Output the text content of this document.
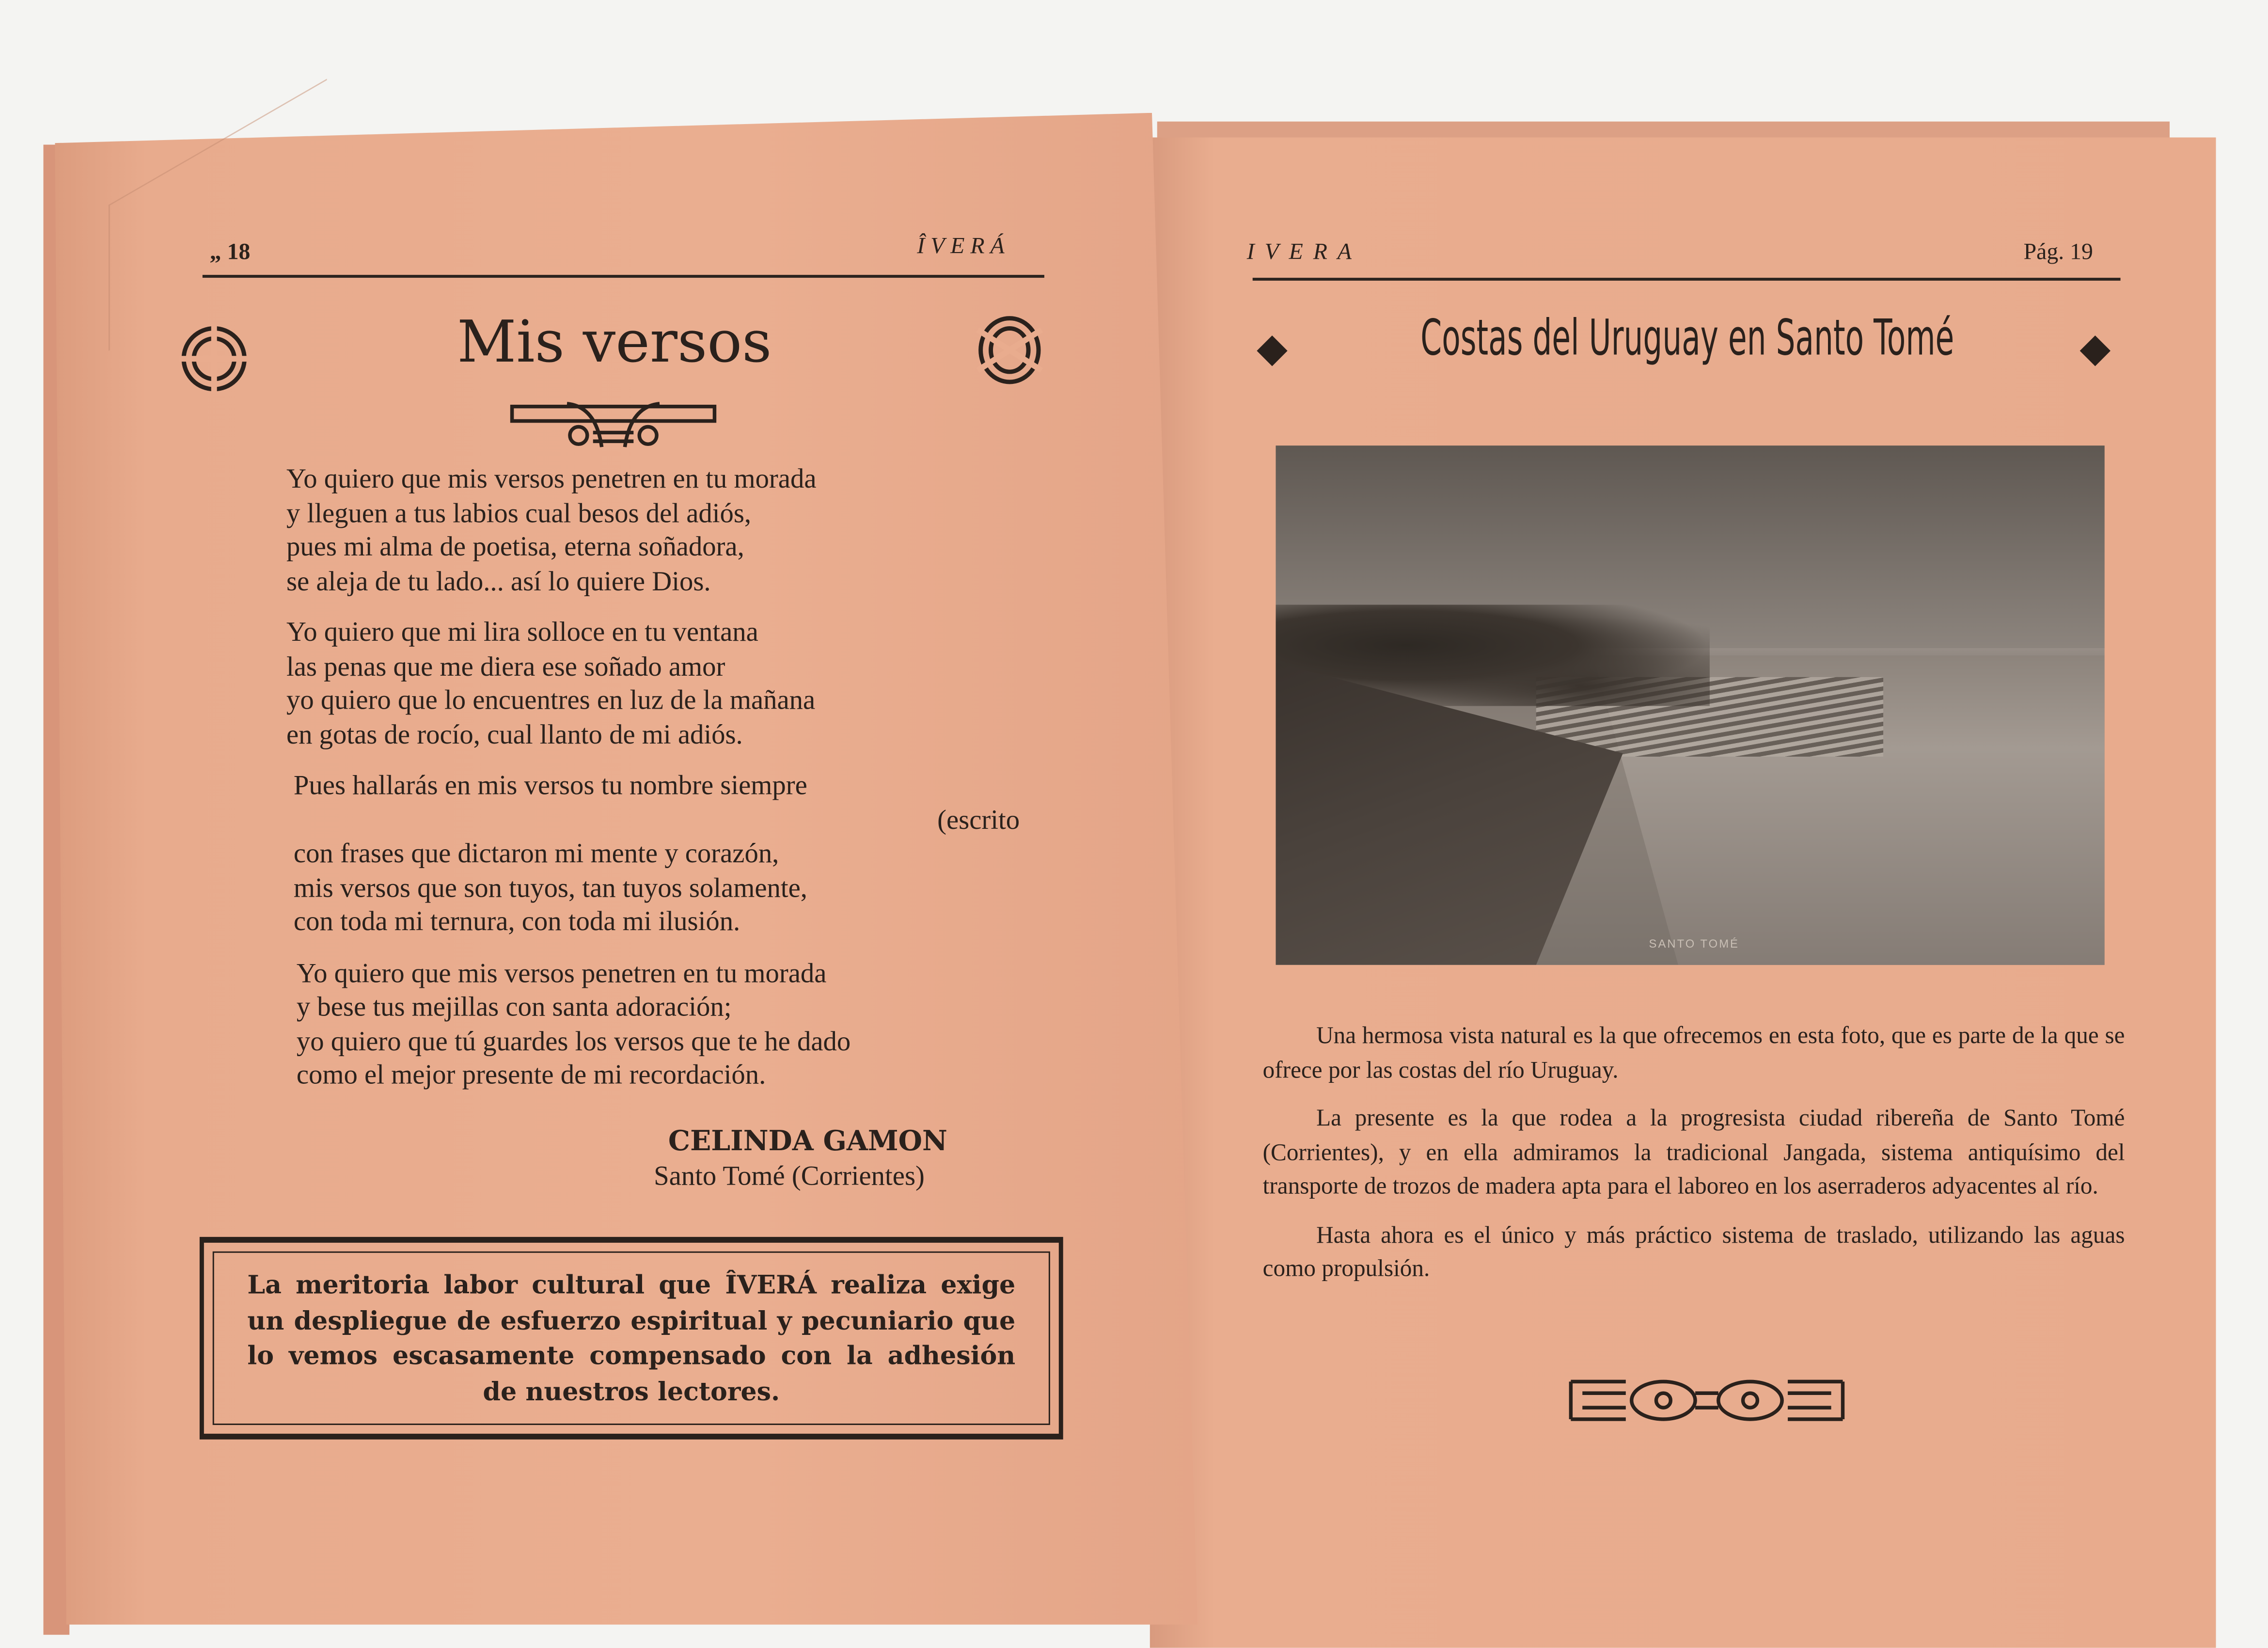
„ 18	ÎVERÁ
Mis versos
Yo quiero que mis versos penetren en tu morada
y lleguen a tus labios cual besos del adiós,
pues mi alma de poetisa, eterna soñadora,
se aleja de tu lado... así lo quiere Dios.
Yo quiero que mi lira solloce en tu ventana
las penas que me diera ese soñado amor
yo quiero que lo encuentres en luz de la mañana
en gotas de rocío, cual llanto de mi adiós.
Pues hallarás en mis versos tu nombre siempre
(escrito
con frases que dictaron mi mente y corazón,
mis versos que son tuyos, tan tuyos solamente,
con toda mi ternura, con toda mi ilusión.
Yo quiero que mis versos penetren en tu morada
y bese tus mejillas con santa adoración;
yo quiero que tú guardes los versos que te he dado
como el mejor presente de mi recordación.
CELINDA GAMON
Santo Tomé (Corrientes)
La meritoria labor cultural que ÎVERÁ realiza exige un despliegue de esfuerzo espiritual y pecuniario que lo vemos escasamente compensado con la adhesión de nuestros lectores.
IVERA	Pág. 19
Costas del Uruguay en Santo Tomé
SANTO TOMÉ

Una hermosa vista natural es la que ofrecemos en esta foto, que es parte de la que se ofrece por las costas del río Uruguay.

La presente es la que rodea a la progresista ciudad ribereña de Santo Tomé (Corrientes), y en ella admiramos la tradicional Jangada, sistema antiquísimo del transporte de trozos de madera apta para el laboreo en los aserraderos adyacentes al río.

Hasta ahora es el único y más práctico sistema de traslado, utilizando las aguas como propulsión.
